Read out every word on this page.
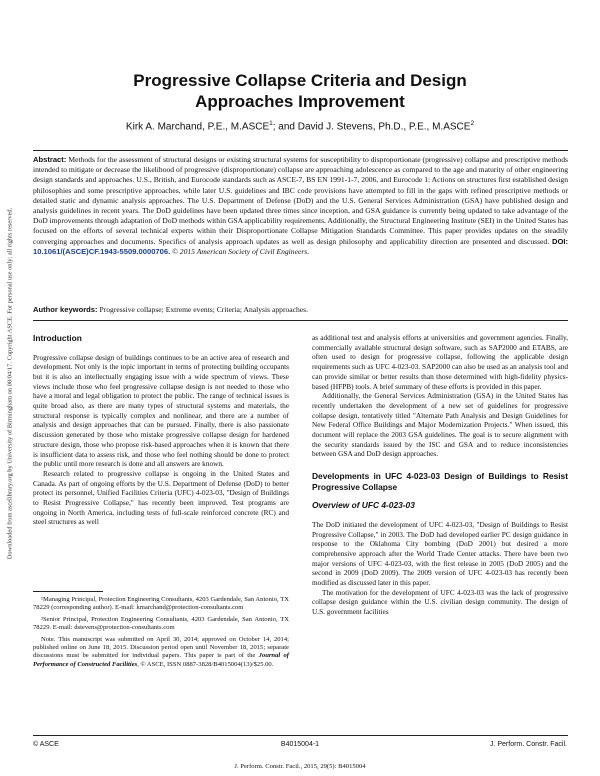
Downloaded from ascelibrary.org by University of Birmingham on 08/04/17. Copyright ASCE. For personal use only; all rights reserved.
Progressive Collapse Criteria and Design
Approaches Improvement
Kirk A. Marchand, P.E., M.ASCE$^1$; and David J. Stevens, Ph.D., P.E., M.ASCE$^2$
Abstract: Methods for the assessment of structural designs or existing structural systems for susceptibility to disproportionate (progressive) collapse and prescriptive methods intended to mitigate or decrease the likelihood of progressive (disproportionate) collapse are approaching adolescence as compared to the age and maturity of other engineering design standards and approaches. U.S., British, and Eurocode standards such as ASCE-7, BS EN 1991-1-7, 2006, and Eurocode 1: Actions on structures first established design philosophies and some prescriptive approaches, while later U.S. guidelines and IBC code provisions have attempted to fill in the gaps with refined prescriptive methods or detailed static and dynamic analysis approaches. The U.S. Department of Defense (DoD) and the U.S. General Services Administration (GSA) have published design and analysis guidelines in recent years. The DoD guidelines have been updated three times since inception, and GSA guidance is currently being updated to take advantage of the DoD improvements through adaptation of DoD methods within GSA applicability requirements. Additionally, the Structural Engineering Institute (SEI) in the United States has focused on the efforts of several technical experts within their Disproportionate Collapse Mitigation Standards Committee. This paper provides updates on the steadily converging approaches and documents. Specifics of analysis approach updates as well as design philosophy and applicability direction are presented and discussed. DOI: 10.1061/(ASCE)CF.1943-5509.0000706. © 2015 American Society of Civil Engineers.
Author keywords: Progressive collapse; Extreme events; Criteria; Analysis approaches.
Introduction

Progressive collapse design of buildings continues to be an active area of research and development. Not only is the topic important in terms of protecting building occupants but it is also an intellectually engaging issue with a wide spectrum of views. These views include those who feel progressive collapse design is not needed to those who have a moral and legal obligation to protect the public. The range of technical issues is quite broad also, as there are many types of structural systems and materials, the structural response is typically complex and nonlinear, and there are a number of analysis and design approaches that can be pursued. Finally, there is also passionate discussion generated by those who mistake progressive collapse design for hardened structure design, those who propose risk-based approaches when it is known that there is insufficient data to assess risk, and those who feel nothing should be done to protect the public until more research is done and all answers are known.

Research related to progressive collapse is ongoing in the United States and Canada. As part of ongoing efforts by the U.S. Department of Defense (DoD) to better protect its personnel, Unified Facilities Criteria (UFC) 4-023-03, "Design of Buildings to Resist Progressive Collapse," has recently been improved. Test programs are ongoing in North America, including tests of full-scale reinforced concrete (RC) and steel structures as well

¹Managing Principal, Protection Engineering Consultants, 4203 Gardendale, San Antonio, TX 78229 (corresponding author). E-mail: kmarchand@protection-consultants.com

²Senior Principal, Protection Engineering Consultants, 4203 Gardendale, San Antonio, TX 78229. E-mail: dstevens@protection-consultants.com

Note. This manuscript was submitted on April 30, 2014; approved on October 14, 2014; published online on June 18, 2015. Discussion period open until November 18, 2015; separate discussions must be submitted for individual papers. This paper is part of the Journal of Performance of Constructed Facilities, © ASCE, ISSN 0887-3828/B4015004(13)/$25.00.

as additional test and analysis efforts at universities and government agencies. Finally, commercially available structural design software, such as SAP2000 and ETABS, are often used to design for progressive collapse, following the applicable design requirements such as UFC 4-023-03. SAP2000 can also be used as an analysis tool and can provide similar or better results than those determined with high-fidelity physics-based (HFPB) tools. A brief summary of these efforts is provided in this paper.

Additionally, the General Services Administration (GSA) in the United States has recently undertaken the development of a new set of guidelines for progressive collapse design, tentatively titled "Alternate Path Analysis and Design Guidelines for New Federal Office Buildings and Major Modernization Projects." When issued, this document will replace the 2003 GSA guidelines. The goal is to secure alignment with the security standards issued by the ISC and GSA and to reduce inconsistencies between GSA and DoD design approaches.

Developments in UFC 4-023-03 Design of Buildings to Resist Progressive Collapse
Overview of UFC 4-023-03

The DoD initiated the development of UFC 4-023-03, "Design of Buildings to Resist Progressive Collapse," in 2003. The DoD had developed earlier PC design guidance in response to the Oklahoma City bombing (DoD 2001) but desired a more comprehensive approach after the World Trade Center attacks. There have been two major versions of UFC 4-023-03, with the first release in 2005 (DoD 2005) and the second in 2009 (DoD 2009). The 2009 version of UFC 4-023-03 has recently been modified as discussed later in this paper.

The motivation for the development of UFC 4-023-03 was the lack of progressive collapse design guidance within the U.S. civilian design community. The design of U.S. government facilities

© ASCE	B4015004-1	J. Perform. Constr. Facil.
J. Perform. Constr. Facil., 2015, 29(5): B4015004
